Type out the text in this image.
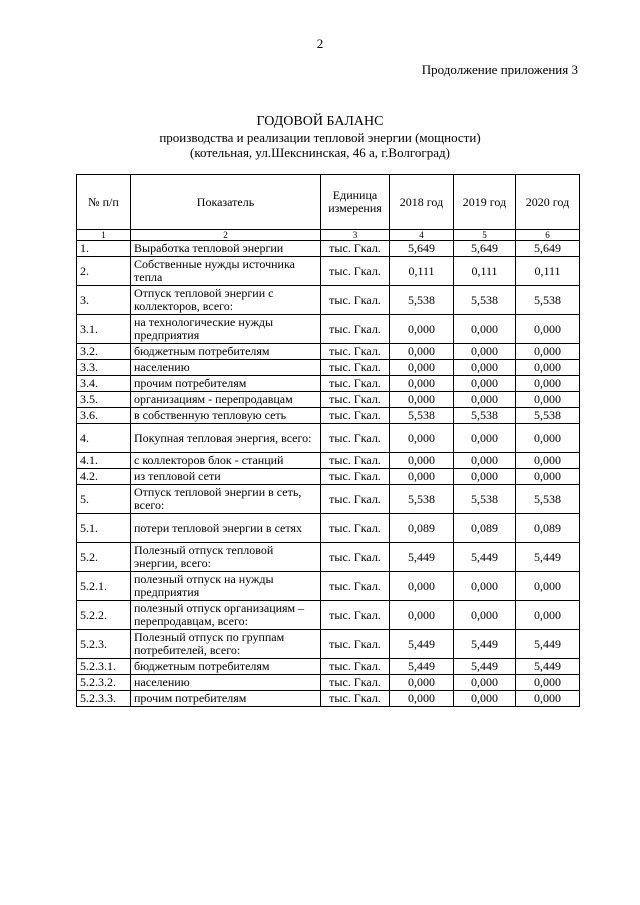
2
Продолжение приложения 3
ГОДОВОЙ БАЛАНС
производства и реализации тепловой энергии (мощности)
(котельная, ул.Шекснинская, 46 а, г.Волгоград)
№ п/п	Показатель	Единица измерения	2018 год	2019 год	2020 год
1	2	3	4	5	6
1.	Выработка тепловой энергии	тыс. Гкал.	5,649	5,649	5,649
2.	Собственные нужды источника тепла	тыс. Гкал.	0,111	0,111	0,111
3.	Отпуск тепловой энергии с коллекторов, всего:	тыс. Гкал.	5,538	5,538	5,538
3.1.	на технологические нужды предприятия	тыс. Гкал.	0,000	0,000	0,000
3.2.	бюджетным потребителям	тыс. Гкал.	0,000	0,000	0,000
3.3.	населению	тыс. Гкал.	0,000	0,000	0,000
3.4.	прочим потребителям	тыс. Гкал.	0,000	0,000	0,000
3.5.	организациям - перепродавцам	тыс. Гкал.	0,000	0,000	0,000
3.6.	в собственную тепловую сеть	тыс. Гкал.	5,538	5,538	5,538
4.	Покупная тепловая энергия, всего:	тыс. Гкал.	0,000	0,000	0,000
4.1.	с коллекторов блок - станций	тыс. Гкал.	0,000	0,000	0,000
4.2.	из тепловой сети	тыс. Гкал.	0,000	0,000	0,000
5.	Отпуск тепловой энергии в сеть, всего:	тыс. Гкал.	5,538	5,538	5,538
5.1.	потери тепловой энергии в сетях	тыс. Гкал.	0,089	0,089	0,089
5.2.	Полезный отпуск тепловой энергии, всего:	тыс. Гкал.	5,449	5,449	5,449
5.2.1.	полезный отпуск на нужды предприятия	тыс. Гкал.	0,000	0,000	0,000
5.2.2.	полезный отпуск организациям – перепродавцам, всего:	тыс. Гкал.	0,000	0,000	0,000
5.2.3.	Полезный отпуск по группам потребителей, всего:	тыс. Гкал.	5,449	5,449	5,449
5.2.3.1.	бюджетным потребителям	тыс. Гкал.	5,449	5,449	5,449
5.2.3.2.	населению	тыс. Гкал.	0,000	0,000	0,000
5.2.3.3.	прочим потребителям	тыс. Гкал.	0,000	0,000	0,000
